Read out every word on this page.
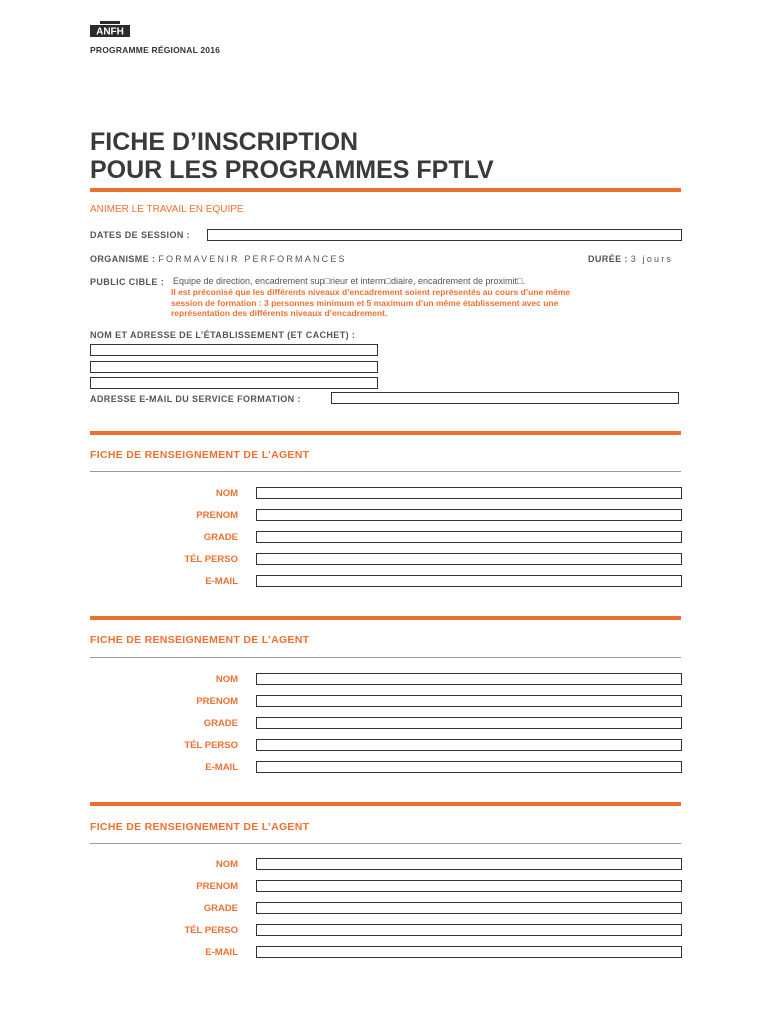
ANFH
PROGRAMME RÉGIONAL 2016
FICHE D’INSCRIPTION
POUR LES PROGRAMMES FPTLV
ANIMER LE TRAVAIL EN EQUIPE
DATES DE SESSION :
ORGANISME : FORMAVENIR PERFORMANCES	DURÉE : 3 jours
PUBLIC CIBLE : Equipe de direction, encadrement sup□rieur et interm□diaire, encadrement de proximit□.
Il est préconisé que les différents niveaux d’encadrement soient représentés au cours d’une même
session de formation : 3 personnes minimum et 5 maximum d’un même établissement avec une
représentation des différents niveaux d’encadrement.
NOM ET ADRESSE DE L’ÉTABLISSEMENT (ET CACHET) :
ADRESSE E-MAIL DU SERVICE FORMATION :
FICHE DE RENSEIGNEMENT DE L’AGENT
NOM
PRENOM
GRADE
TÉL PERSO
E-MAIL
FICHE DE RENSEIGNEMENT DE L’AGENT
NOM
PRENOM
GRADE
TÉL PERSO
E-MAIL
FICHE DE RENSEIGNEMENT DE L’AGENT
NOM
PRENOM
GRADE
TÉL PERSO
E-MAIL
